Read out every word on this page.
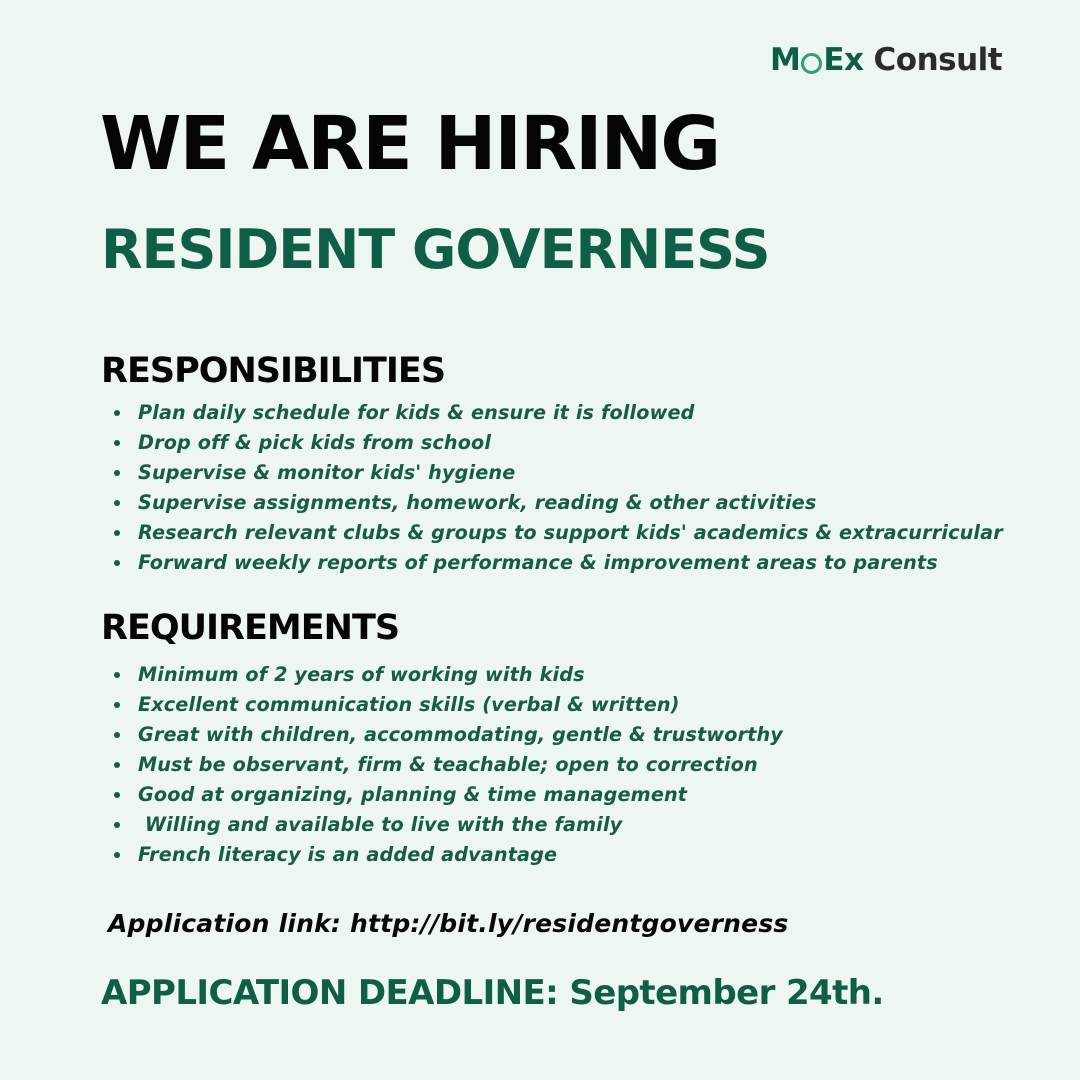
M Ex Consult
WE ARE HIRING
RESIDENT GOVERNESS
RESPONSIBILITIES
Plan daily schedule for kids & ensure it is followed
Drop off & pick kids from school
Supervise & monitor kids' hygiene
Supervise assignments, homework, reading & other activities
Research relevant clubs & groups to support kids' academics & extracurricular
Forward weekly reports of performance & improvement areas to parents
REQUIREMENTS
Minimum of 2 years of working with kids
Excellent communication skills (verbal & written)
Great with children, accommodating, gentle & trustworthy
Must be observant, firm & teachable; open to correction
Good at organizing, planning & time management
Willing and available to live with the family
French literacy is an added advantage

Application link: http://bit.ly/residentgoverness

APPLICATION DEADLINE: September 24th.
